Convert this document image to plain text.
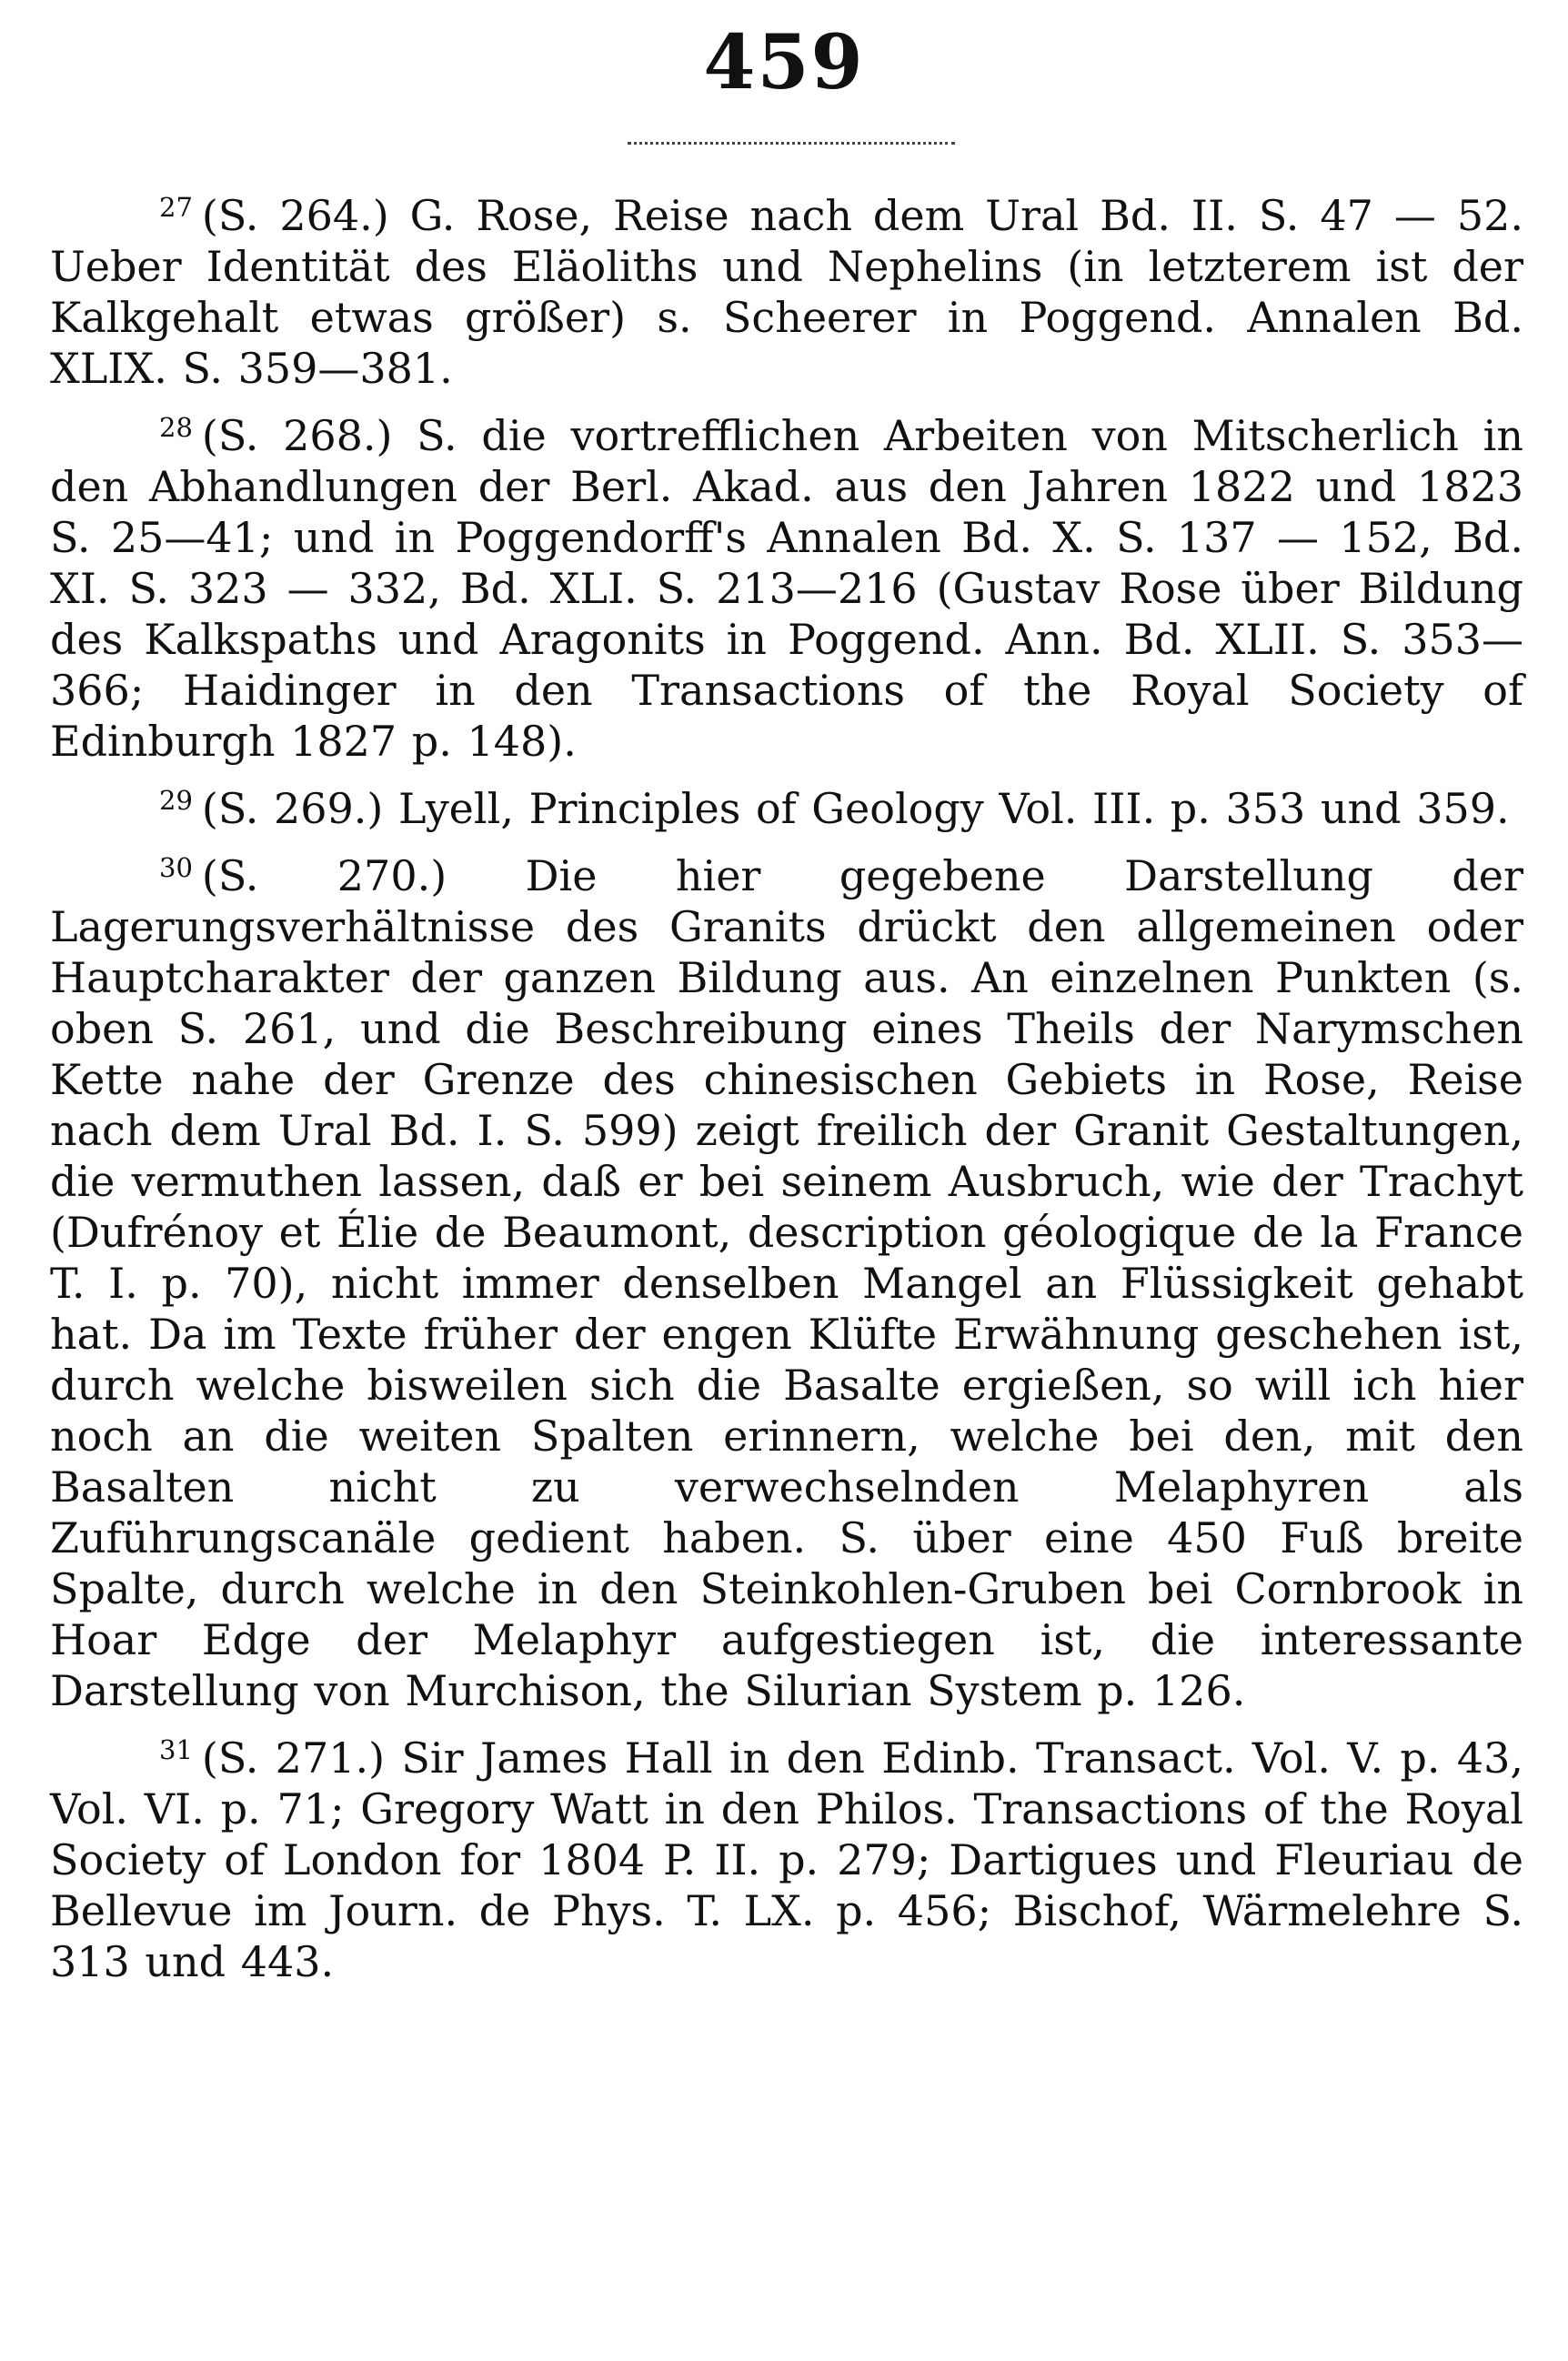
459

$^{27}$ (S. 264.) G. Rose, Reise nach dem Ural Bd. II. S. 47 — 52. Ueber Identität des Eläoliths und Nephelins (in letzterem ist der Kalkgehalt etwas größer) s. Scheerer in Poggend. Annalen Bd. XLIX. S. 359—381.

$^{28}$ (S. 268.) S. die vortrefflichen Arbeiten von Mitscherlich in den Abhandlungen der Berl. Akad. aus den Jahren 1822 und 1823 S. 25—41; und in Poggendorff's Annalen Bd. X. S. 137 — 152, Bd. XI. S. 323 — 332, Bd. XLI. S. 213—216 (Gustav Rose über Bildung des Kalkspaths und Aragonits in Poggend. Ann. Bd. XLII. S. 353—366; Haidinger in den Transactions of the Royal Society of Edinburgh 1827 p. 148).

$^{29}$ (S. 269.) Lyell, Principles of Geology Vol. III. p. 353 und 359.

$^{30}$ (S. 270.) Die hier gegebene Darstellung der Lagerungsverhältnisse des Granits drückt den allgemeinen oder Hauptcharakter der ganzen Bildung aus. An einzelnen Punkten (s. oben S. 261, und die Beschreibung eines Theils der Narymschen Kette nahe der Grenze des chinesischen Gebiets in Rose, Reise nach dem Ural Bd. I. S. 599) zeigt freilich der Granit Gestaltungen, die vermuthen lassen, daß er bei seinem Ausbruch, wie der Trachyt (Dufrénoy et Élie de Beaumont, description géologique de la France T. I. p. 70), nicht immer denselben Mangel an Flüssigkeit gehabt hat. Da im Texte früher der engen Klüfte Erwähnung geschehen ist, durch welche bisweilen sich die Basalte ergießen, so will ich hier noch an die weiten Spalten erinnern, welche bei den, mit den Basalten nicht zu verwechselnden Melaphyren als Zuführungscanäle gedient haben. S. über eine 450 Fuß breite Spalte, durch welche in den Steinkohlen-Gruben bei Cornbrook in Hoar Edge der Melaphyr aufgestiegen ist, die interessante Darstellung von Murchison, the Silurian System p. 126.

$^{31}$ (S. 271.) Sir James Hall in den Edinb. Transact. Vol. V. p. 43, Vol. VI. p. 71; Gregory Watt in den Philos. Transactions of the Royal Society of London for 1804 P. II. p. 279; Dartigues und Fleuriau de Bellevue im Journ. de Phys. T. LX. p. 456; Bischof, Wärmelehre S. 313 und 443.
